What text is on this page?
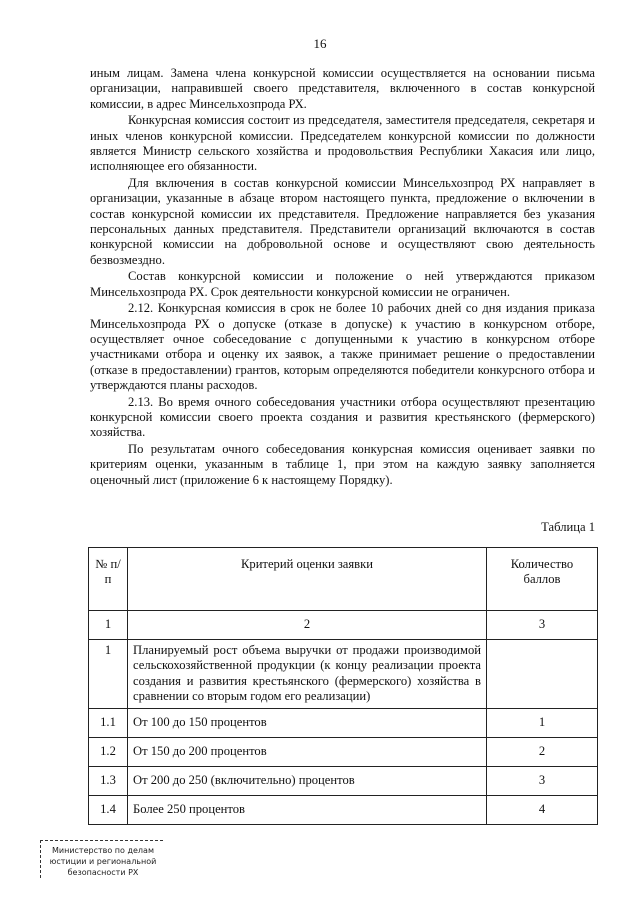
16

иным лицам. Замена члена конкурсной комиссии осуществляется на основании письма организации, направившей своего представителя, включенного в состав конкурсной комиссии, в адрес Минсельхозпрода РХ.

Конкурсная комиссия состоит из председателя, заместителя председателя, секретаря и иных членов конкурсной комиссии. Председателем конкурсной комиссии по должности является Министр сельского хозяйства и продовольствия Республики Хакасия или лицо, исполняющее его обязанности.

Для включения в состав конкурсной комиссии Минсельхозпрод РХ направляет в организации, указанные в абзаце втором настоящего пункта, предложение о включении в состав конкурсной комиссии их представителя. Предложение направляется без указания персональных данных представителя. Представители организаций включаются в состав конкурсной комиссии на добровольной основе и осуществляют свою деятельность безвозмездно.

Состав конкурсной комиссии и положение о ней утверждаются приказом Минсельхозпрода РХ. Срок деятельности конкурсной комиссии не ограничен.

2.12. Конкурсная комиссия в срок не более 10 рабочих дней со дня издания приказа Минсельхозпрода РХ о допуске (отказе в допуске) к участию в конкурсном отборе, осуществляет очное собеседование с допущенными к участию в конкурсном отборе участниками отбора и оценку их заявок, а также принимает решение о предоставлении (отказе в предоставлении) грантов, которым определяются победители конкурсного отбора и утверждаются планы расходов.

2.13. Во время очного собеседования участники отбора осуществляют презентацию конкурсной комиссии своего проекта создания и развития крестьянского (фермерского) хозяйства.

По результатам очного собеседования конкурсная комиссия оценивает заявки по критериям оценки, указанным в таблице 1, при этом на каждую заявку заполняется оценочный лист (приложение 6 к настоящему Порядку).

Таблица 1
№ п/п	Критерий оценки заявки	Количество баллов
1	2	3
1	Планируемый рост объема выручки от продажи производимой сельскохозяйственной продукции (к концу реализации проекта создания и развития крестьянского (фермерского) хозяйства в сравнении со вторым годом его реализации)	
1.1	От 100 до 150 процентов	1
1.2	От 150 до 200 процентов	2
1.3	От 200 до 250 (включительно) процентов	3
1.4	Более 250 процентов	4
Министерство по делам
юстиции и региональной
безопасности РХ
